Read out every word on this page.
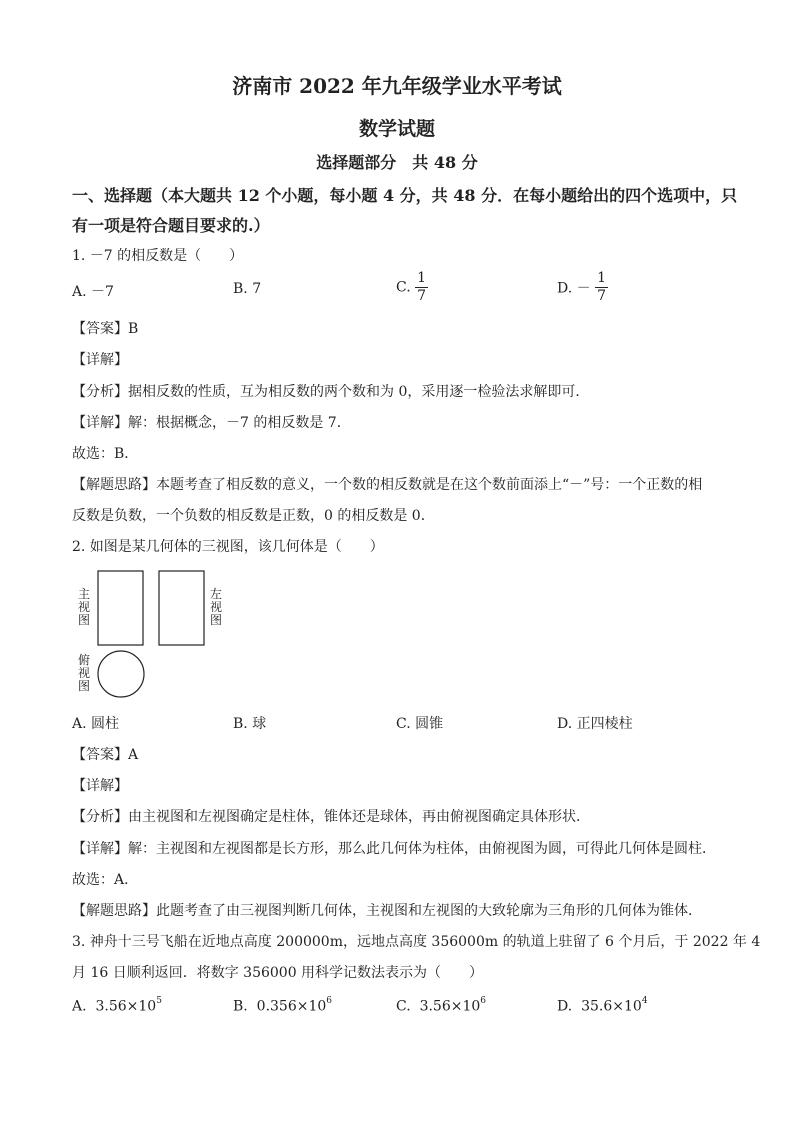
济南市 2022 年九年级学业水平考试
数学试题
选择题部分　共 48 分
一、选择题（本大题共 12 个小题，每小题 4 分，共 48 分．在每小题给出的四个选项中，只
有一项是符合题目要求的.）
1. －7 的相反数是（　　）
A. －7	B. 7	C. $\frac{1}{7}$	D. － $\frac{1}{7}$
【答案】B
【详解】
【分析】据相反数的性质，互为相反数的两个数和为 0，采用逐一检验法求解即可．
【详解】解：根据概念，－7 的相反数是 7．
故选：B．
【解题思路】本题考查了相反数的意义，一个数的相反数就是在这个数前面添上“－”号：一个正数的相
反数是负数，一个负数的相反数是正数，0 的相反数是 0．
2. 如图是某几何体的三视图，该几何体是（　　）
主视图
左视图
俯视图
A. 圆柱	B. 球	C. 圆锥	D. 正四棱柱
【答案】A
【详解】
【分析】由主视图和左视图确定是柱体，锥体还是球体，再由俯视图确定具体形状．
【详解】解：主视图和左视图都是长方形，那么此几何体为柱体，由俯视图为圆，可得此几何体是圆柱．
故选：A．
【解题思路】此题考查了由三视图判断几何体，主视图和左视图的大致轮廓为三角形的几何体为锥体．
3. 神舟十三号飞船在近地点高度 200000m，远地点高度 356000m 的轨道上驻留了 6 个月后，于 2022 年 4
月 16 日顺利返回．将数字 356000 用科学记数法表示为（　　）
A. $3.56\times 10^5$	B. $0.356\times 10^6$	C. $3.56\times 10^6$	D. $35.6\times 10^4$
